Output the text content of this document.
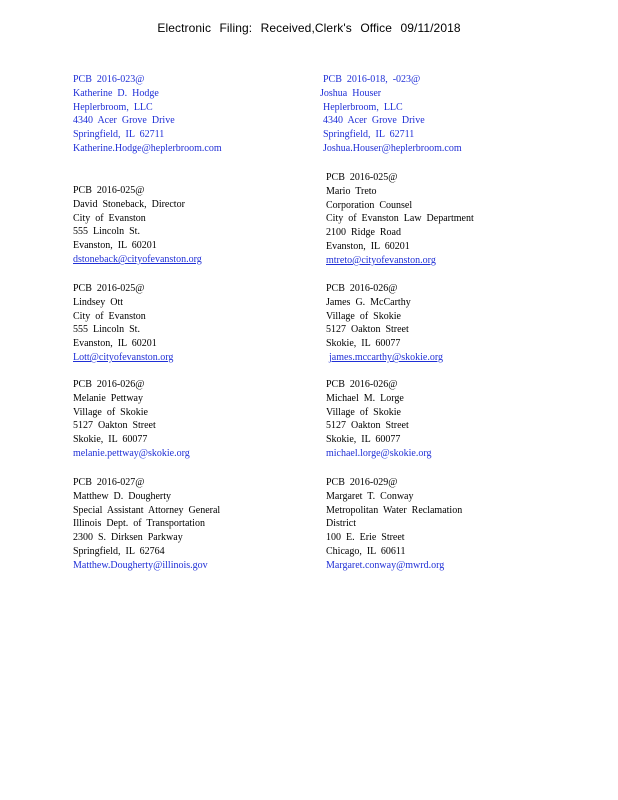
Electronic Filing: Received,Clerk's Office 09/11/2018
PCB 2016-023@
Katherine D. Hodge
Heplerbroom, LLC
4340 Acer Grove Drive
Springfield, IL 62711
Katherine.Hodge@heplerbroom.com
PCB 2016-018, -023@
Joshua Houser
Heplerbroom, LLC
4340 Acer Grove Drive
Springfield, IL 62711
Joshua.Houser@heplerbroom.com
PCB 2016-025@
David Stoneback, Director
City of Evanston
555 Lincoln St.
Evanston, IL 60201
dstoneback@cityofevanston.org
PCB 2016-025@
Mario Treto
Corporation Counsel
City of Evanston Law Department
2100 Ridge Road
Evanston, IL 60201
mtreto@cityofevanston.org
PCB 2016-025@
Lindsey Ott
City of Evanston
555 Lincoln St.
Evanston, IL 60201
Lott@cityofevanston.org
PCB 2016-026@
James G. McCarthy
Village of Skokie
5127 Oakton Street
Skokie, IL 60077
james.mccarthy@skokie.org
PCB 2016-026@
Melanie Pettway
Village of Skokie
5127 Oakton Street
Skokie, IL 60077
melanie.pettway@skokie.org
PCB 2016-026@
Michael M. Lorge
Village of Skokie
5127 Oakton Street
Skokie, IL 60077
michael.lorge@skokie.org
PCB 2016-027@
Matthew D. Dougherty
Special Assistant Attorney General
Illinois Dept. of Transportation
2300 S. Dirksen Parkway
Springfield, IL 62764
Matthew.Dougherty@illinois.gov
PCB 2016-029@
Margaret T. Conway
Metropolitan Water Reclamation
District
100 E. Erie Street
Chicago, IL 60611
Margaret.conway@mwrd.org
